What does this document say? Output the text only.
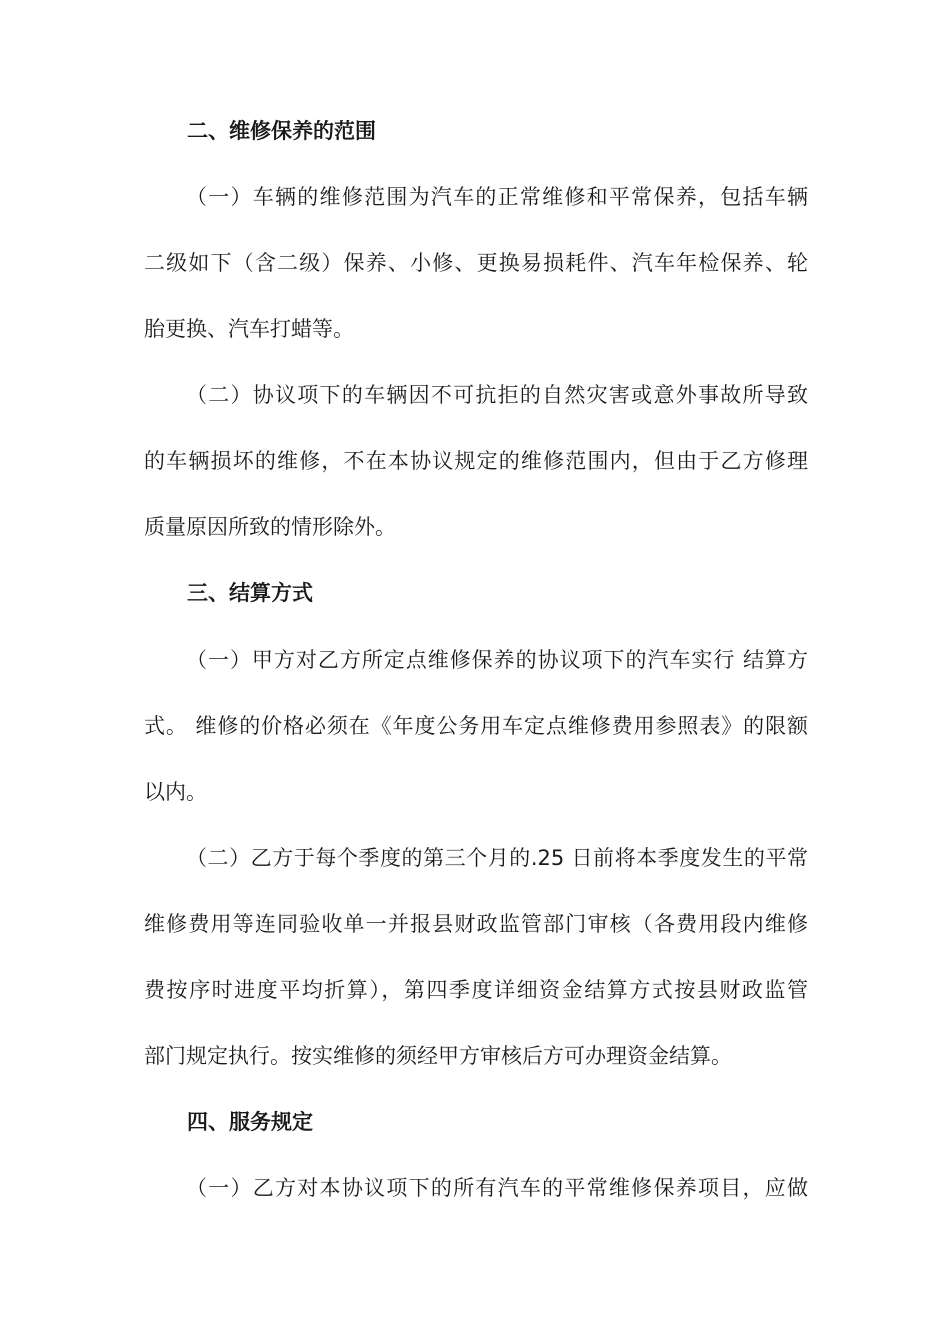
二、维修保养的范围

（一）车辆的维修范围为汽车的正常维修和平常保养，包括车辆

二级如下（含二级）保养、小修、更换易损耗件、汽车年检保养、轮

胎更换、汽车打蜡等。

（二）协议项下的车辆因不可抗拒的自然灾害或意外事故所导致

的车辆损坏的维修，不在本协议规定的维修范围内，但由于乙方修理

质量原因所致的情形除外。

三、结算方式

（一）甲方对乙方所定点维修保养的协议项下的汽车实行 结算方

式。 维修的价格必须在《年度公务用车定点维修费用参照表》的限额

以内。

（二）乙方于每个季度的第三个月的.25 日前将本季度发生的平常

维修费用等连同验收单一并报县财政监管部门审核（各费用段内维修

费按序时进度平均折算），第四季度详细资金结算方式按县财政监管

部门规定执行。按实维修的须经甲方审核后方可办理资金结算。

四、服务规定

（一）乙方对本协议项下的所有汽车的平常维修保养项目，应做
